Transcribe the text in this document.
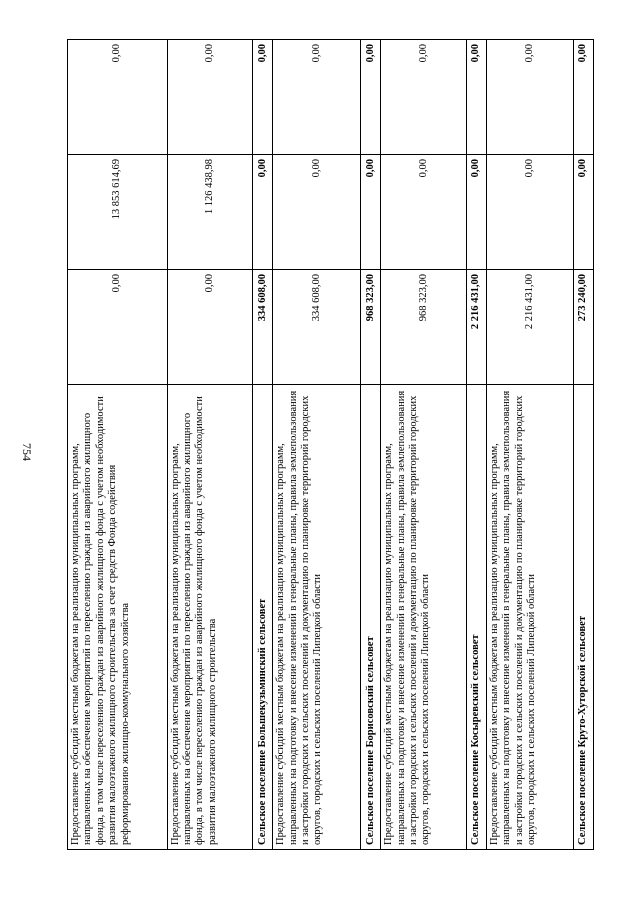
754	Предоставление субсидий местным бюджетам на реализацию муниципальных программ, направленных на обеспечение мероприятий по переселению граждан из аварийного жилищного фонда, в том числе переселению граждан из аварийного жилищного фонда с учетом необходимости развития малоэтажного жилищного строительства за счет средств Фонда содействия реформированию жилищно-коммунального хозяйства	0,00	13 853 614,69	0,00
Предоставление субсидий местным бюджетам на реализацию муниципальных программ, направленных на обеспечение мероприятий по переселению граждан из аварийного жилищного фонда, в том числе переселению граждан из аварийного жилищного фонда с учетом необходимости развития малоэтажного жилищного строительства	0,00	1 126 438,98	0,00
Сельское поселение Большекузьминский сельсовет	334 608,00	0,00	0,00
Предоставление субсидий местным бюджетам на реализацию муниципальных программ, направленных на подготовку и внесение изменений в генеральные планы, правила землепользования и застройки городских и сельских поселений и документацию по планировке территорий городских округов, городских и сельских поселений Липецкой области	334 608,00	0,00	0,00
Сельское поселение Борисовский сельсовет	968 323,00	0,00	0,00
Предоставление субсидий местным бюджетам на реализацию муниципальных программ, направленных на подготовку и внесение изменений в генеральные планы, правила землепользования и застройки городских и сельских поселений и документацию по планировке территорий городских округов, городских и сельских поселений Липецкой области	968 323,00	0,00	0,00
Сельское поселение Косыревский сельсовет	2 216 431,00	0,00	0,00
Предоставление субсидий местным бюджетам на реализацию муниципальных программ, направленных на подготовку и внесение изменений в генеральные планы, правила землепользования и застройки городских и сельских поселений и документацию по планировке территорий городских округов, городских и сельских поселений Липецкой области	2 216 431,00	0,00	0,00
Сельское поселение Круто-Хуторской сельсовет	273 240,00	0,00	0,00
